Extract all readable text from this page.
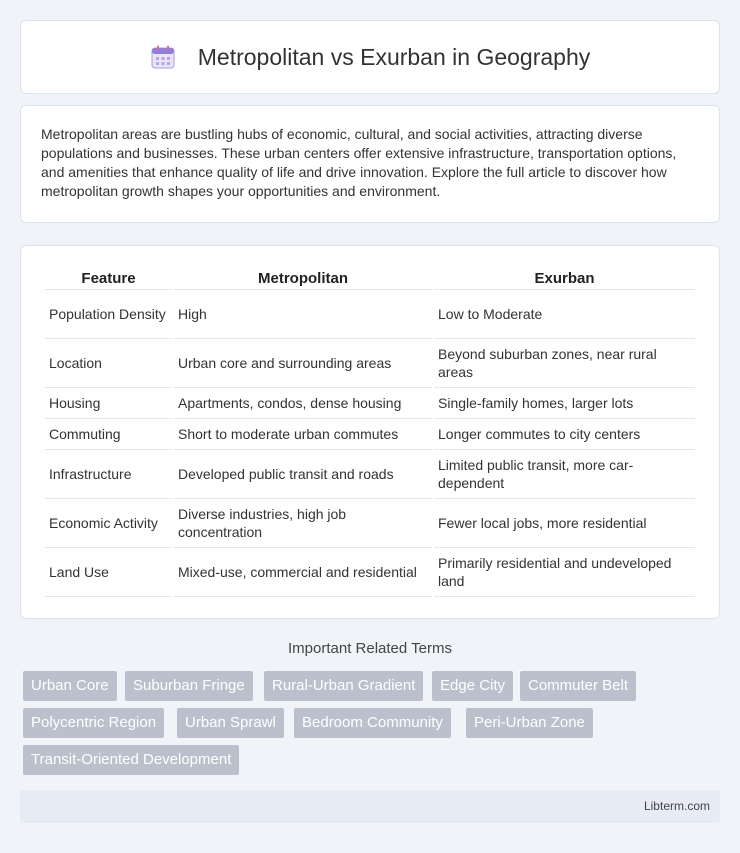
Metropolitan vs Exurban in Geography

Metropolitan areas are bustling hubs of economic, cultural, and social activities, attracting diverse populations and businesses. These urban centers offer extensive infrastructure, transportation options, and amenities that enhance quality of life and drive innovation. Explore the full article to discover how metropolitan growth shapes your opportunities and environment.

Feature	Metropolitan	Exurban
Population Density	High	Low to Moderate
Location	Urban core and surrounding areas	Beyond suburban zones, near rural areas
Housing	Apartments, condos, dense housing	Single-family homes, larger lots
Commuting	Short to moderate urban commutes	Longer commutes to city centers
Infrastructure	Developed public transit and roads	Limited public transit, more car-dependent
Economic Activity	Diverse industries, high job concentration	Fewer local jobs, more residential
Land Use	Mixed-use, commercial and residential	Primarily residential and undeveloped land
Important Related Terms
Urban Core	Suburban Fringe	Rural-Urban Gradient	Edge City	Commuter Belt
Polycentric Region	Urban Sprawl	Bedroom Community	Peri-Urban Zone
Transit-Oriented Development
Libterm.com
